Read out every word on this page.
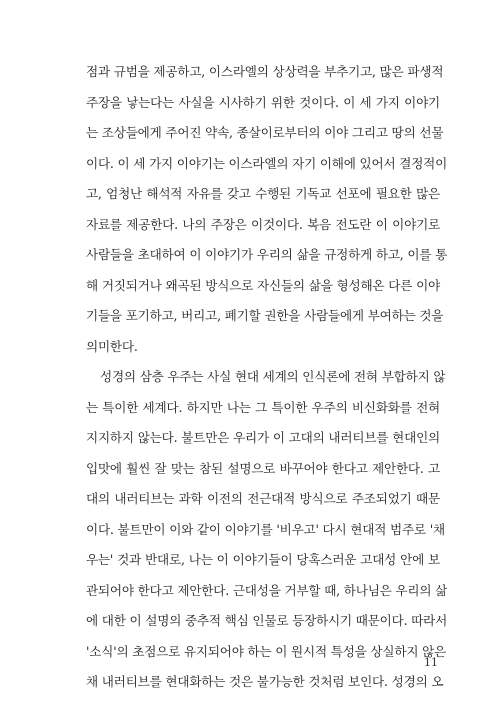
점과 규범을 제공하고, 이스라엘의 상상력을 부추기고, 많은 파생적
주장을 낳는다는 사실을 시사하기 위한 것이다. 이 세 가지 이야기
는 조상들에게 주어진 약속, 종살이로부터의 이야 그리고 땅의 선물
이다. 이 세 가지 이야기는 이스라엘의 자기 이해에 있어서 결정적이
고, 엄청난 해석적 자유를 갖고 수행된 기독교 선포에 필요한 많은
자료를 제공한다. 나의 주장은 이것이다. 복음 전도란 이 이야기로
사람들을 초대하여 이 이야기가 우리의 삶을 규정하게 하고, 이를 통
해 거짓되거나 왜곡된 방식으로 자신들의 삶을 형성해온 다른 이야
기들을 포기하고, 버리고, 폐기할 권한을 사람들에게 부여하는 것을
의미한다.
성경의 삼층 우주는 사실 현대 세계의 인식론에 전혀 부합하지 않
는 특이한 세계다. 하지만 나는 그 특이한 우주의 비신화화를 전혀
지지하지 않는다. 불트만은 우리가 이 고대의 내러티브를 현대인의
입맛에 훨씬 잘 맞는 참된 설명으로 바꾸어야 한다고 제안한다. 고
대의 내러티브는 과학 이전의 전근대적 방식으로 주조되었기 때문
이다. 불트만이 이와 같이 이야기를 '비우고' 다시 현대적 범주로 '채
우는' 것과 반대로, 나는 이 이야기들이 당혹스러운 고대성 안에 보
관되어야 한다고 제안한다. 근대성을 거부할 때, 하나님은 우리의 삶
에 대한 이 설명의 중추적 핵심 인물로 등장하시기 때문이다. 따라서
'소식'의 초점으로 유지되어야 하는 이 원시적 특성을 상실하지 않은
채 내러티브를 현대화하는 것은 불가능한 것처럼 보인다. 성경의 오
11
